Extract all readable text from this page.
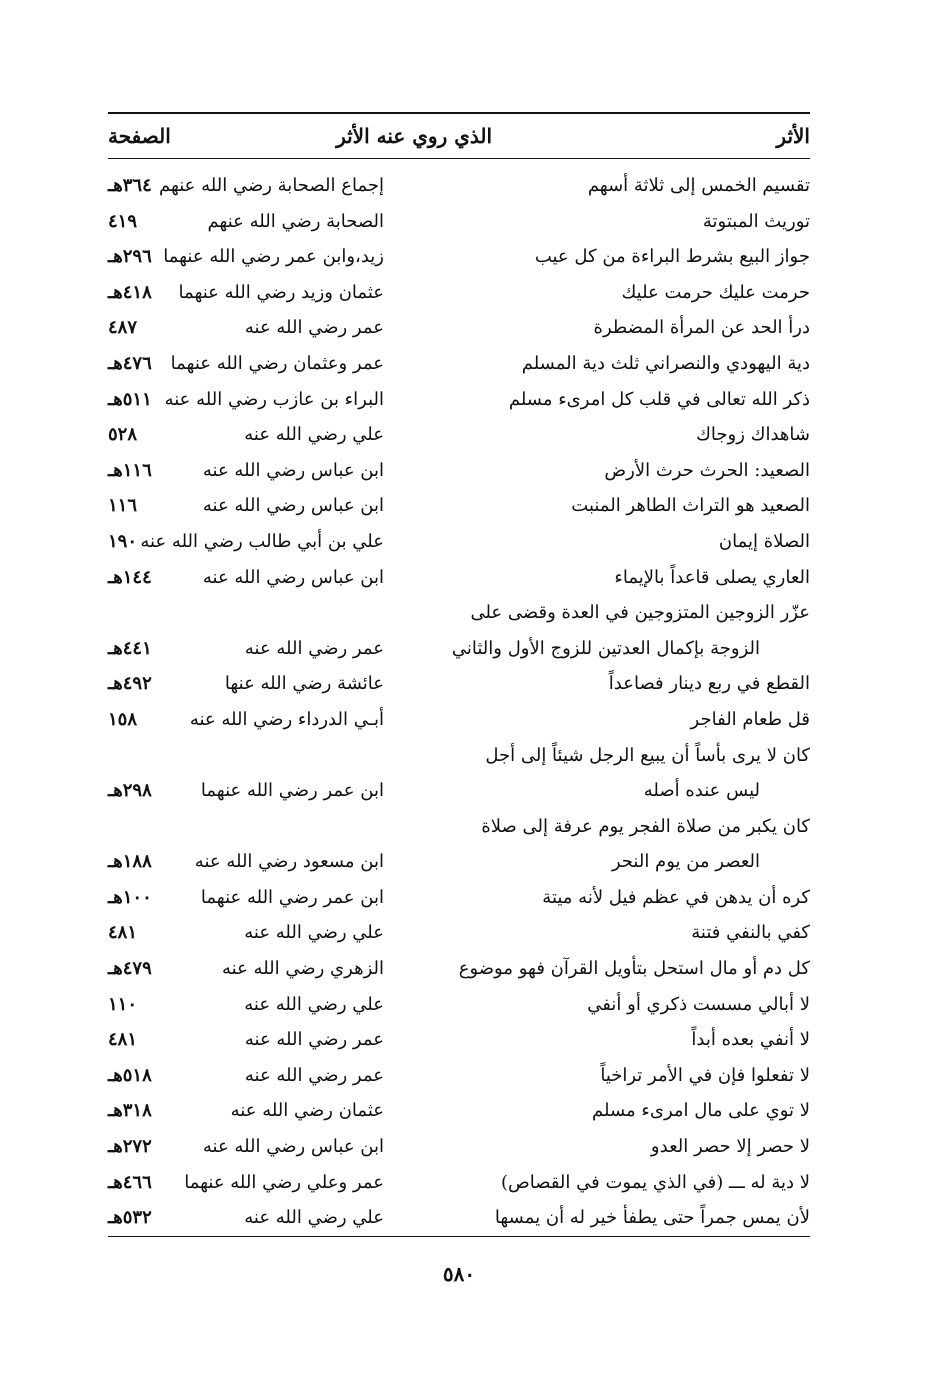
الأثر
الذي روي عنه الأثر
الصفحة
تقسيم الخمس إلى ثلاثة أسهم
إجماع الصحابة رضي الله عنهم
٣٦٤هـ
توريث المبتوتة
الصحابة رضي الله عنهم
٤١٩
جواز البيع بشرط البراءة من كل عيب
زيد،وابن عمر رضي الله عنهما
٢٩٦هـ
حرمت عليك حرمت عليك
عثمان وزيد رضي الله عنهما
٤١٨هـ
درأ الحد عن المرأة المضطرة
عمر رضي الله عنه
٤٨٧
دية اليهودي والنصراني ثلث دية المسلم
عمر وعثمان رضي الله عنهما
٤٧٦هـ
ذكر الله تعالى في قلب كل امرىء مسلم
البراء بن عازب رضي الله عنه
٥١١هـ
شاهداك زوجاك
علي رضي الله عنه
٥٢٨
الصعيد: الحرث حرث الأرض
ابن عباس رضي الله عنه
١١٦هـ
الصعيد هو التراث الطاهر المنبت
ابن عباس رضي الله عنه
١١٦
الصلاة إيمان
علي بن أبي طالب رضي الله عنه
١٩٠
العاري يصلى قاعداً بالإيماء
ابن عباس رضي الله عنه
١٤٤هـ
عزّر الزوجين المتزوجين في العدة وقضى على
الزوجة بإكمال العدتين للزوج الأول والثاني
عمر رضي الله عنه
٤٤١هـ
القطع في ربع دينار فصاعداً
عائشة رضي الله عنها
٤٩٢هـ
قل طعام الفاجر
أبـي الدرداء رضي الله عنه
١٥٨
كان لا يرى بأساً أن يبيع الرجل شيئاً إلى أجل
ليس عنده أصله
ابن عمر رضي الله عنهما
٢٩٨هـ
كان يكبر من صلاة الفجر يوم عرفة إلى صلاة
العصر من يوم النحر
ابن مسعود رضي الله عنه
١٨٨هـ
كره أن يدهن في عظم فيل لأنه ميتة
ابن عمر رضي الله عنهما
١٠٠هـ
كفي بالنفي فتنة
علي رضي الله عنه
٤٨١
كل دم أو مال استحل بتأويل القرآن فهو موضوع
الزهري رضي الله عنه
٤٧٩هـ
لا أبالي مسست ذكري أو أنفي
علي رضي الله عنه
١١٠
لا أنفي بعده أبداً
عمر رضي الله عنه
٤٨١
لا تفعلوا فإن في الأمر تراخياً
عمر رضي الله عنه
٥١٨هـ
لا توي على مال امرىء مسلم
عثمان رضي الله عنه
٣١٨هـ
لا حصر إلا حصر العدو
ابن عباس رضي الله عنه
٢٧٢هـ
لا دية له ـــ (في الذي يموت في القصاص)
عمر وعلي رضي الله عنهما
٤٦٦هـ
لأن يمس جمراً حتى يطفأ خير له أن يمسها
علي رضي الله عنه
٥٣٢هـ
٥٨٠
